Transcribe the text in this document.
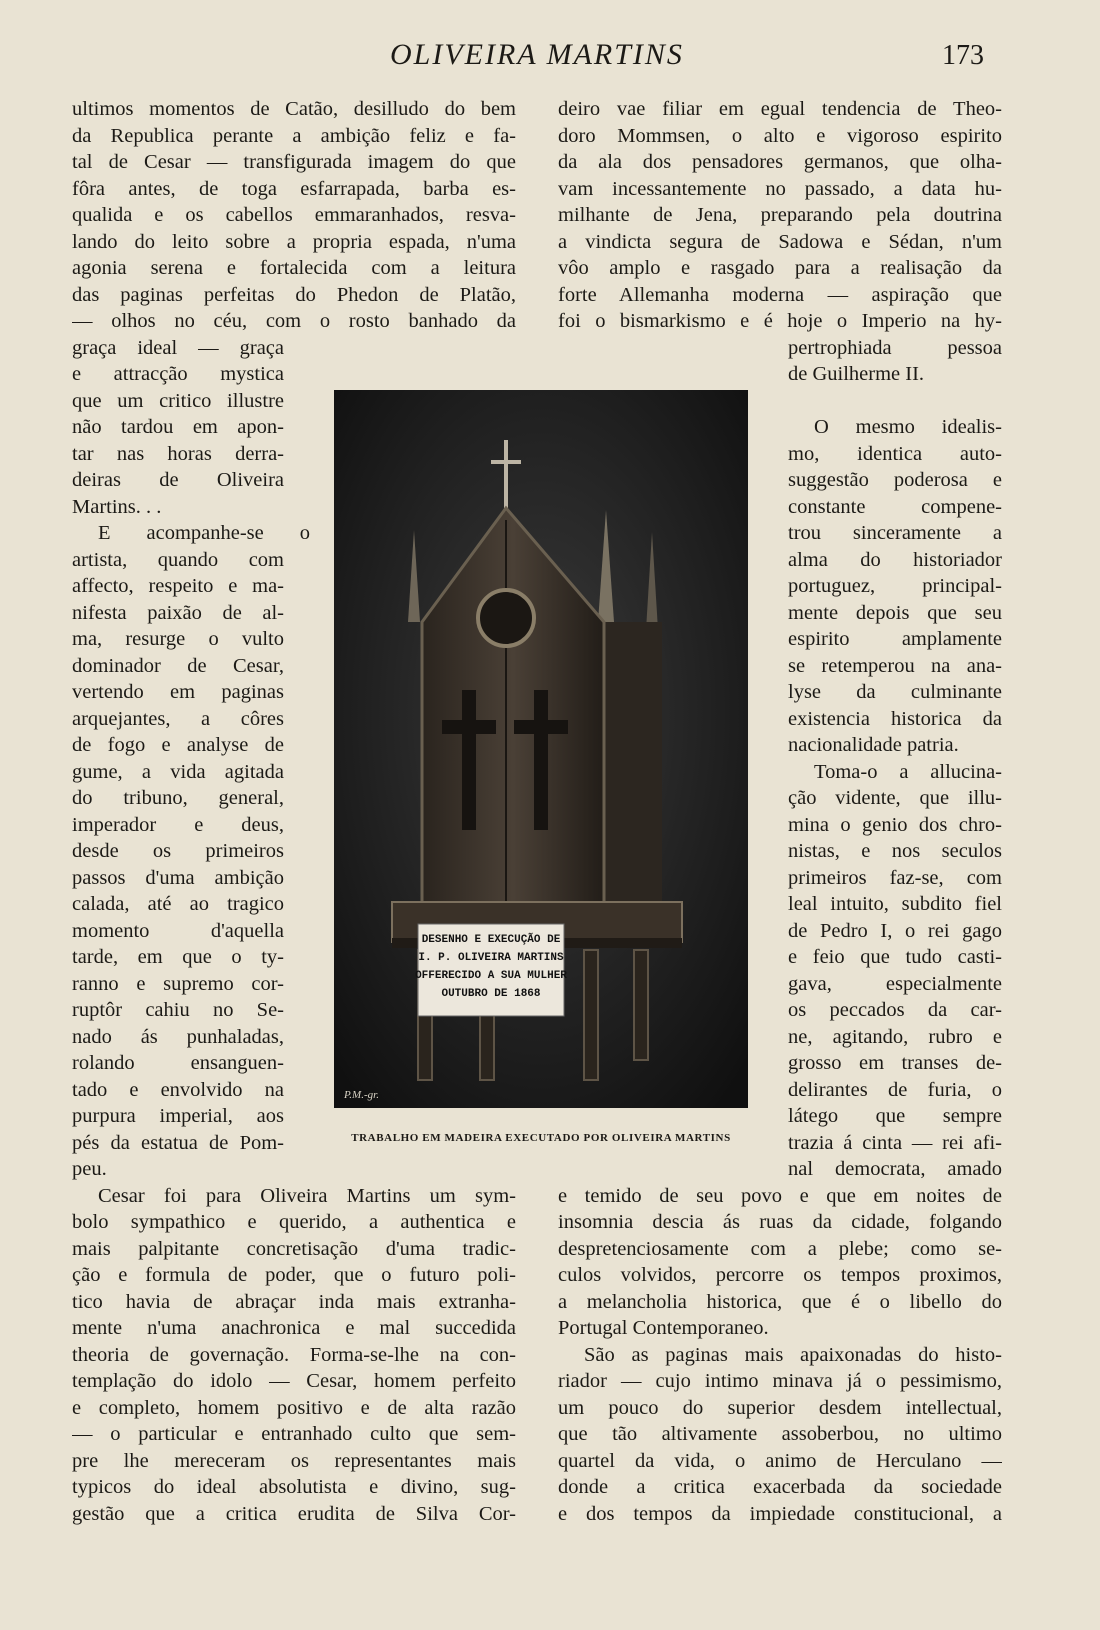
OLIVEIRA MARTINS	173
ultimos momentos de Catão, desilludo do bem
da Republica perante a ambição feliz e fa-
tal de Cesar — transfigurada imagem do que
fôra antes, de toga esfarrapada, barba es-
qualida e os cabellos emmaranhados, resva-
lando do leito sobre a propria espada, n'uma
agonia serena e fortalecida com a leitura
das paginas perfeitas do Phedon de Platão,
— olhos no céu, com o rosto banhado da
graça ideal — graça
e attracção mystica
que um critico illustre
não tardou em apon-
tar nas horas derra-
deiras de Oliveira
Martins. . .
E acompanhe-se o
artista, quando com
affecto, respeito e ma-
nifesta paixão de al-
ma, resurge o vulto
dominador de Cesar,
vertendo em paginas
arquejantes, a côres
de fogo e analyse de
gume, a vida agitada
do tribuno, general,
imperador e deus,
desde os primeiros
passos d'uma ambição
calada, até ao tragico
momento d'aquella
tarde, em que o ty-
ranno e supremo cor-
ruptôr cahiu no Se-
nado ás punhaladas,
rolando ensanguen-
tado e envolvido na
purpura imperial, aos
pés da estatua de Pom-
peu.
Cesar foi para Oliveira Martins um sym-
bolo sympathico e querido, a authentica e
mais palpitante concretisação d'uma tradic-
ção e formula de poder, que o futuro poli-
tico havia de abraçar inda mais extranha-
mente n'uma anachronica e mal succedida
theoria de governação. Forma-se-lhe na con-
templação do idolo — Cesar, homem perfeito
e completo, homem positivo e de alta razão
— o particular e entranhado culto que sem-
pre lhe mereceram os representantes mais
typicos do ideal absolutista e divino, sug-
gestão que a critica erudita de Silva Cor-
deiro vae filiar em egual tendencia de Theo-
doro Mommsen, o alto e vigoroso espirito
da ala dos pensadores germanos, que olha-
vam incessantemente no passado, a data hu-
milhante de Jena, preparando pela doutrina
a vindicta segura de Sadowa e Sédan, n'um
vôo amplo e rasgado para a realisação da
forte Allemanha moderna — aspiração que
foi o bismarkismo e é hoje o Imperio na hy-
pertrophiada pessoa
de Guilherme II.
O mesmo idealis-
mo, identica auto-
suggestão poderosa e
constante compene-
trou sinceramente a
alma do historiador
portuguez, principal-
mente depois que seu
espirito amplamente
se retemperou na ana-
lyse da culminante
existencia historica da
nacionalidade patria.
Toma-o a allucina-
ção vidente, que illu-
mina o genio dos chro-
nistas, e nos seculos
primeiros faz-se, com
leal intuito, subdito fiel
de Pedro I, o rei gago
e feio que tudo casti-
gava, especialmente
os peccados da car-
ne, agitando, rubro e
grosso em transes de-
delirantes de furia, o
látego que sempre
trazia á cinta — rei afi-
nal democrata, amado
e temido de seu povo e que em noites de
insomnia descia ás ruas da cidade, folgando
despretenciosamente com a plebe; como se-
culos volvidos, percorre os tempos proximos,
a melancholia historica, que é o libello do
Portugal Contemporaneo.
São as paginas mais apaixonadas do histo-
riador — cujo intimo minava já o pessimismo,
um pouco do superior desdem intellectual,
que tão altivamente assoberbou, no ultimo
quartel da vida, o animo de Herculano —
donde a critica exacerbada da sociedade
e dos tempos da impiedade constitucional, a
DESENHO E EXECUÇÃO DE
I. P. OLIVEIRA MARTINS
OFFERECIDO A SUA MULHER
OUTUBRO DE 1868
P.M.-gr.
TRABALHO EM MADEIRA EXECUTADO POR OLIVEIRA MARTINS
